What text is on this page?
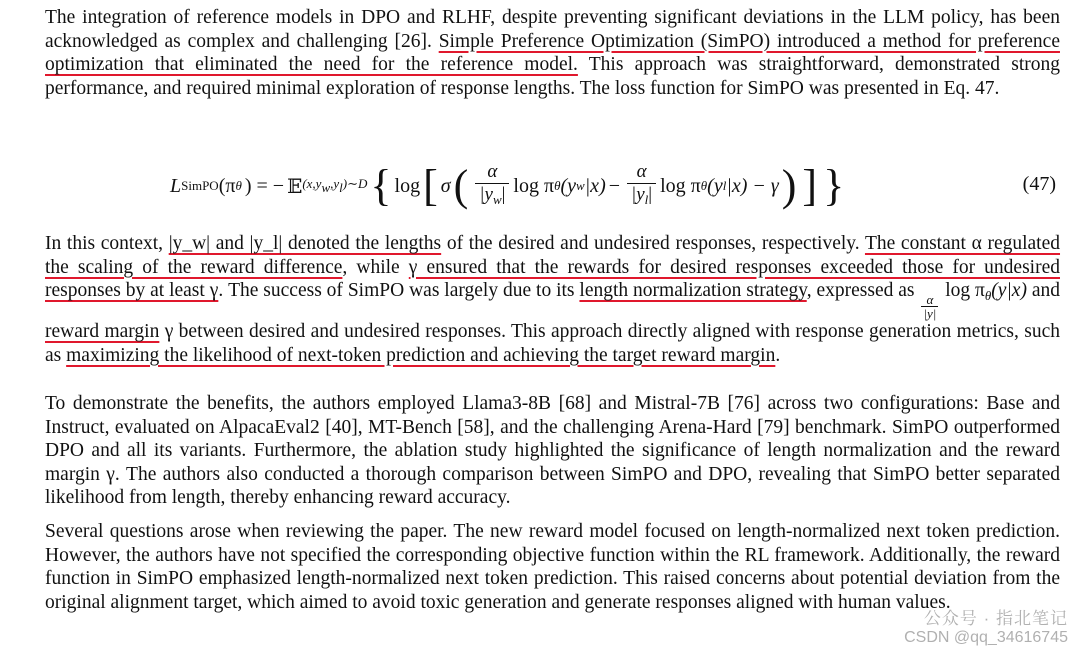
The integration of reference models in DPO and RLHF, despite preventing significant deviations in the LLM policy, has been acknowledged as complex and challenging [26]. Simple Preference Optimization (SimPO) introduced a method for preference optimization that eliminated the need for the reference model. This approach was straightforward, demonstrated strong performance, and required minimal exploration of response lengths. The loss function for SimPO was presented in Eq. 47.

L SimPO (π θ ) = − 𝔼 $(x,y_w,y_l)\sim D$ { log [ σ ( $\frac{\alpha}{|y_w|}$ log π θ (y w $|x) - \frac{\alpha}{|y_l|}$ log π θ (y l |x) − γ ) ] }	(47)

In this context, |y_w| and |y_l| denoted the lengths of the desired and undesired responses, respectively. The constant α regulated the scaling of the reward difference, while γ ensured that the rewards for desired responses exceeded those for undesired responses by at least γ. The success of SimPO was largely due to its length normalization strategy, expressed as
$\frac{\alpha}{|y|}$
$\log \pi_\theta(y|x)$ and reward margin γ between desired and undesired responses. This approach directly aligned with response generation metrics, such as maximizing the likelihood of next-token prediction and achieving the target reward margin.

To demonstrate the benefits, the authors employed Llama3-8B [68] and Mistral-7B [76] across two configurations: Base and Instruct, evaluated on AlpacaEval2 [40], MT-Bench [58], and the challenging Arena-Hard [79] benchmark. SimPO outperformed DPO and all its variants. Furthermore, the ablation study highlighted the significance of length normalization and the reward margin γ. The authors also conducted a thorough comparison between SimPO and DPO, revealing that SimPO better separated likelihood from length, thereby enhancing reward accuracy.

Several questions arose when reviewing the paper. The new reward model focused on length-normalized next token prediction. However, the authors have not specified the corresponding objective function within the RL framework. Additionally, the reward function in SimPO emphasized length-normalized next token prediction. This raised concerns about potential deviation from the original alignment target, which aimed to avoid toxic generation and generate responses aligned with human values.

公众号 · 指北笔记
CSDN @qq_34616745
